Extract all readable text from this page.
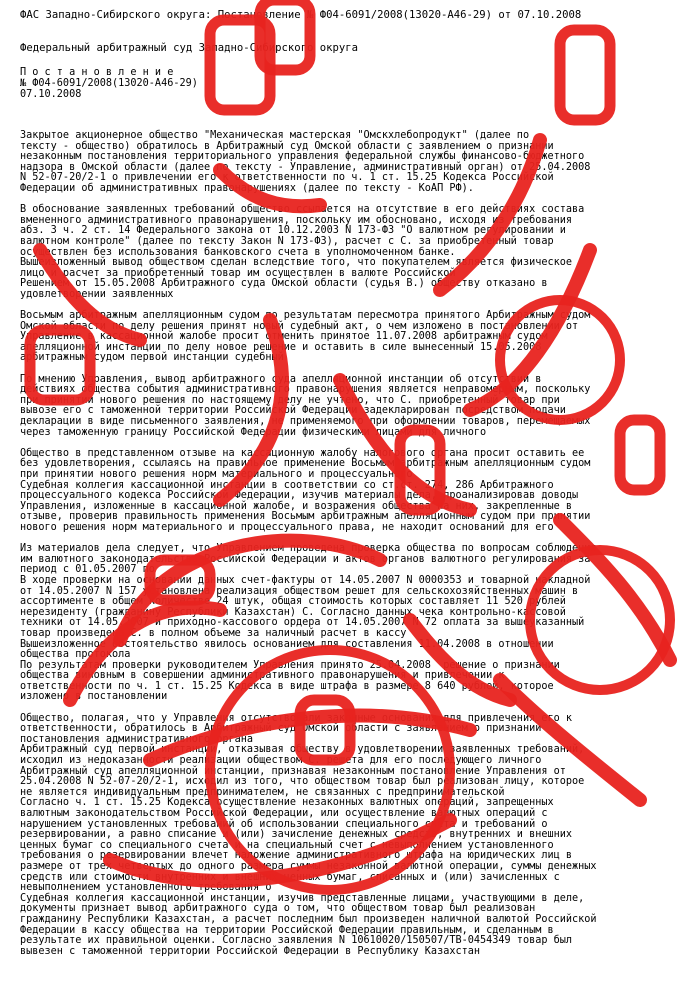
ФАС Западно-Сибирского округа: Постановление № Ф04-6091/2008(13020-А46-29) от 07.10.2008
Федеральный арбитражный суд Западно-Сибирского округа
П о с т а н о в л е н и е
№ Ф04-6091/2008(13020-А46-29)
07.10.2008
Закрытое акционерное общество "Механическая мастерская "Омскхлебопродукт" (далее по
тексту - общество) обратилось в Арбитражный суд Омской области с заявлением о признании
незаконным постановления территориального управления федеральной службы финансово-бюджетного
надзора в Омской области (далее по тексту - Управление, административный орган) от 25.04.2008
N 52-07-20/2-1 о привлечении его к ответственности по ч. 1 ст. 15.25 Кодекса Российской
Федерации об административных правонарушениях (далее по тексту - КоАП РФ).
В обоснование заявленных требований общество ссылается на отсутствие в его действиях состава
вмененного административного правонарушения, поскольку им обосновано, исходя из требования
абз. 3 ч. 2 ст. 14 Федерального закона от 10.12.2003 N 173-ФЗ "О валютном регулировании и
валютном контроле" (далее по тексту Закон N 173-ФЗ), расчет с С. за приобретенный товар
осуществлен без использования банковского счета в уполномоченном банке.
Вышеизложенный вывод обществом сделан вследствие того, что покупателем является физическое
лицо и расчет за приобретенный товар им осуществлен в валюте Российской
Решением от 15.05.2008 Арбитражного суда Омской области (судья В.) обществу отказано в
удовлетворении заявленных
Восьмым арбитражным апелляционным судом по результатам пересмотра принятого Арбитражным судом
Омской области по делу решения принят новый судебный акт, о чем изложено в постановлении от
Управление в кассационной жалобе просит отменить принятое 11.07.2008 арбитражным судом
апелляционной инстанции по делу новое решение и оставить в силе вынесенный 15.05.2008
арбитражным судом первой инстанции судебный
По мнению Управления, вывод арбитражного суда апелляционной инстанции об отсутствии в
действиях общества события административного правонарушения является неправомерным, поскольку
при принятии нового решения по настоящему делу не учтено, что С. приобретенный товар при
вывозе его с таможенной территории Российской Федерации задекларирован посредством подачи
декларации в виде письменного заявления, не применяемого при оформлении товаров, перемещаемых
через таможенную границу Российской Федерации физическими лицами для личного
Общество в представленном отзыве на кассационную жалобу налогового органа просит оставить ее
без удовлетворения, ссылаясь на правильное применение Восьмым арбитражным апелляционным судом
при принятии нового решения норм материального и процессуального
Судебная коллегия кассационной инстанции в соответствии со ст.ст. 274, 286 Арбитражного
процессуального кодекса Российской Федерации, изучив материалы дела, проанализировав доводы
Управления, изложенные в кассационной жалобе, и возражения общества на них, закрепленные в
отзыве, проверив правильность применения Восьмым арбитражным апелляционным судом при принятии
нового решения норм материального и процессуального права, не находит оснований для его
Из материалов дела следует, что Управлением проведена проверка общества по вопросам соблюдения
им валютного законодательства Российской Федерации и актов органов валютного регулирования за
период с 01.05.2007 по
В ходе проверки на основании данных счет-фактуры от 14.05.2007 N 0000353 и товарной накладной
от 14.05.2007 N 157 установлена реализация обществом решет для сельскохозяйственных машин в
ассортименте в общем количестве 24 штук, общая стоимость которых составляет 11 520 рублей
нерезиденту (гражданину Республики Казахстан) С. Согласно данных чека контрольно-кассовой
техники от 14.05.2007 и приходно-кассового ордера от 14.05.2007 N 72 оплата за вышеуказанный
товар произведена С. в полном объеме за наличный расчет в кассу
Вышеизложенное обстоятельство явилось основанием для составления 11.04.2008 в отношении
общества протокола
По результатам проверки руководителем Управления принято 25.04.2008  решение о признании
общества виновным в совершении административного правонарушения и привлечении к
ответственности по ч. 1 ст. 15.25 Кодекса в виде штрафа в размере 8 640 рублей, которое
изложено в постановлении
Общество, полагая, что у Управления отсутствовали законные основания для привлечения его к
ответственности, обратилось в Арбитражный суд Омской области с заявлением о признании
постановления административного органа
Арбитражный суд первой инстанции, отказывая обществу в удовлетворении заявленных требований,
исходил из недоказанности реализации обществом С. решета для его последующего личного
Арбитражный суд апелляционной инстанции, признавая незаконным постановление Управления от
25.04.2008 N 52-07-20/2-1, исходил из того, что обществом товар был реализован лицу, которое
не является индивидуальным предпринимателем, не связанных с предпринимательской
Согласно ч. 1 ст. 15.25 Кодекса осуществление незаконных валютных операций, запрещенных
валютным законодательством Российской Федерации, или осуществление валютных операций с
нарушением установленных требований об использовании специального счета и требований о
резервировании, а равно списание и (или) зачисление денежных средств, внутренних и внешних
ценных бумаг со специального счета и на специальный счет с невыполнением установленного
требования о резервировании влечет наложение административного штрафа на юридических лиц в
размере от трех четвертых до одного размера суммы незаконной валютной операции, суммы денежных
средств или стоимости внутренних и внешних ценных бумаг, списанных и (или) зачисленных с
невыполнением установленного требования о
Судебная коллегия кассационной инстанции, изучив представленные лицами, участвующими в деле,
документы признает вывод арбитражного суда о том, что обществом товар был реализован
гражданину Республики Казахстан, а расчет последним был произведен наличной валютой Российской
Федерации в кассу общества на территории Российской Федерации правильным, и сделанным в
результате их правильной оценки. Согласно заявления N 10610020/150507/ТВ-0454349 товар был
вывезен с таможенной территории Российской Федерации в Республику Казахстан
